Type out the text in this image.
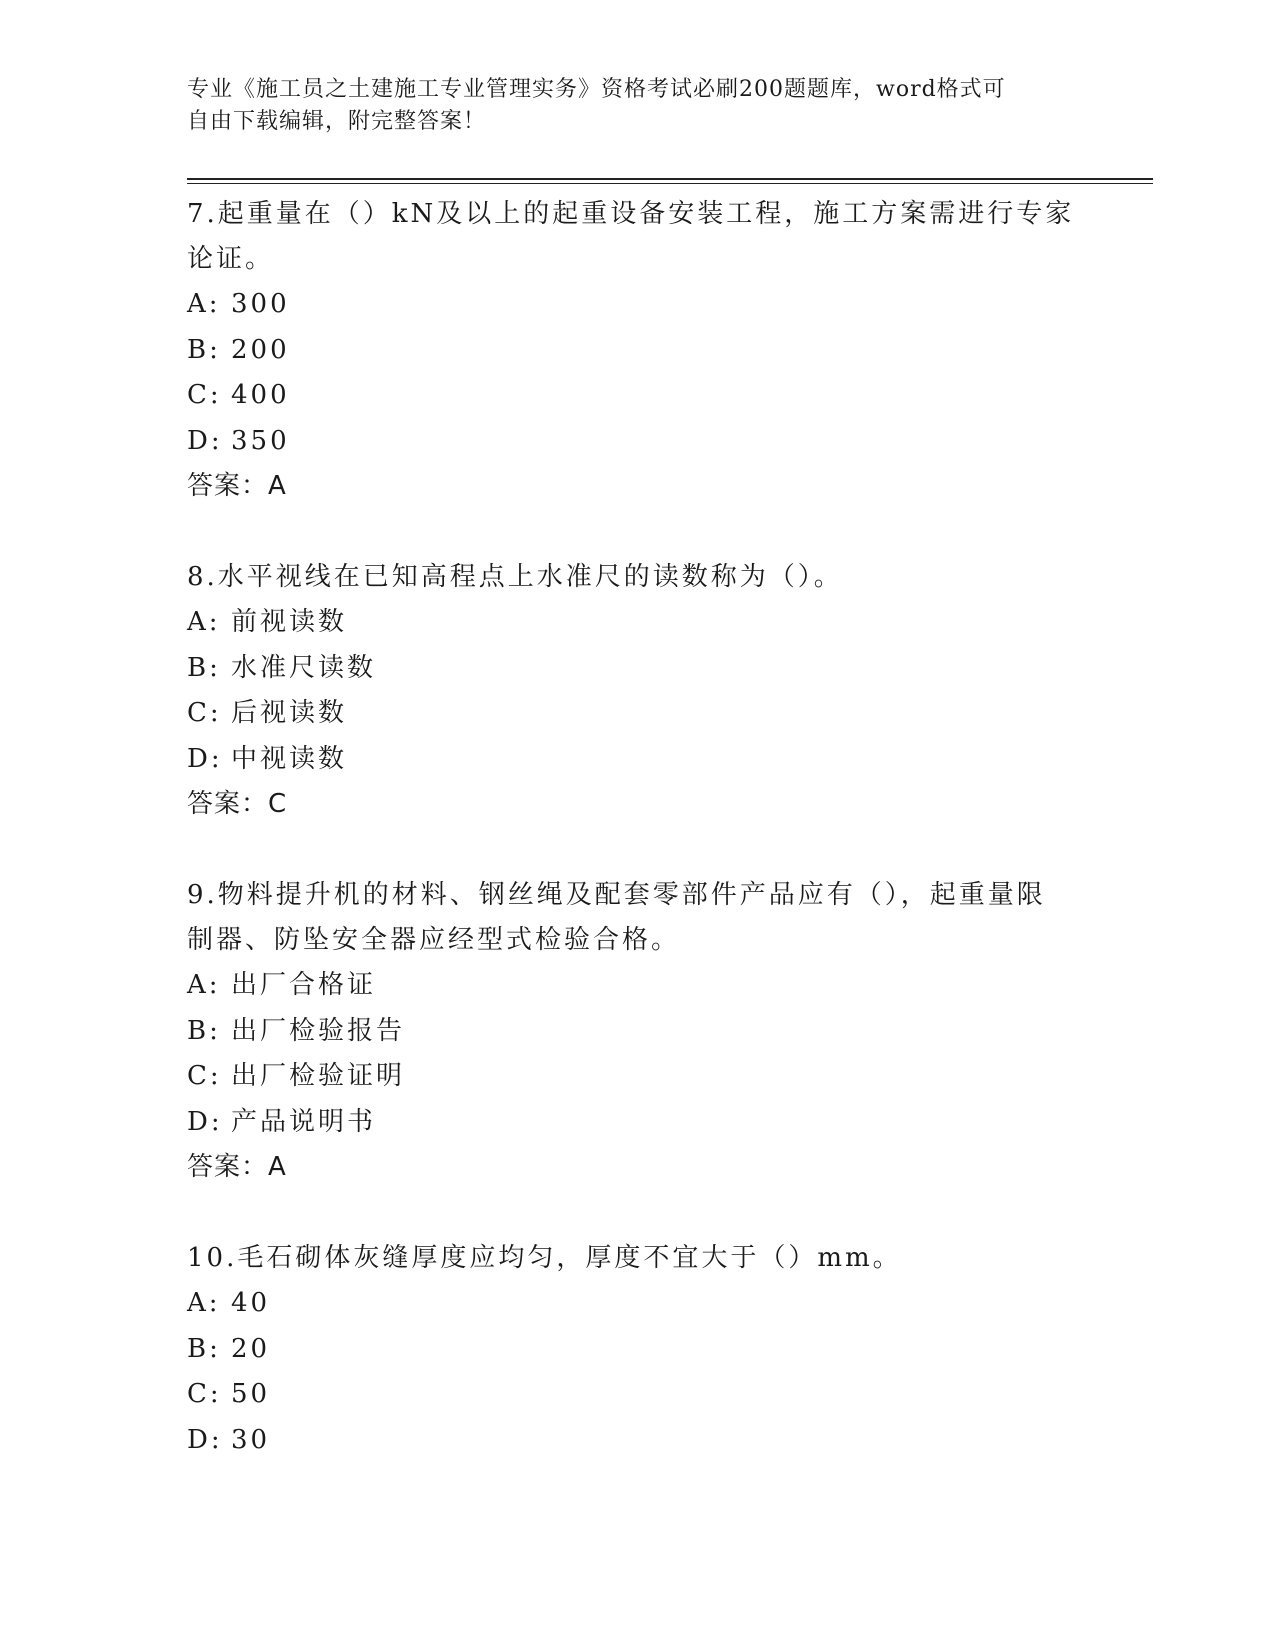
专业《施工员之土建施工专业管理实务》资格考试必刷200题题库，word格式可
自由下载编辑，附完整答案！
7.起重量在（）kN及以上的起重设备安装工程，施工方案需进行专家
论证。
A: 300
B: 200
C: 400
D: 350
答案：A
8.水平视线在已知高程点上水准尺的读数称为（）。
A: 前视读数
B: 水准尺读数
C: 后视读数
D: 中视读数
答案：C
9.物料提升机的材料、钢丝绳及配套零部件产品应有（），起重量限
制器、防坠安全器应经型式检验合格。
A: 出厂合格证
B: 出厂检验报告
C: 出厂检验证明
D: 产品说明书
答案：A
10.毛石砌体灰缝厚度应均匀，厚度不宜大于（）mm。
A: 40
B: 20
C: 50
D: 30
